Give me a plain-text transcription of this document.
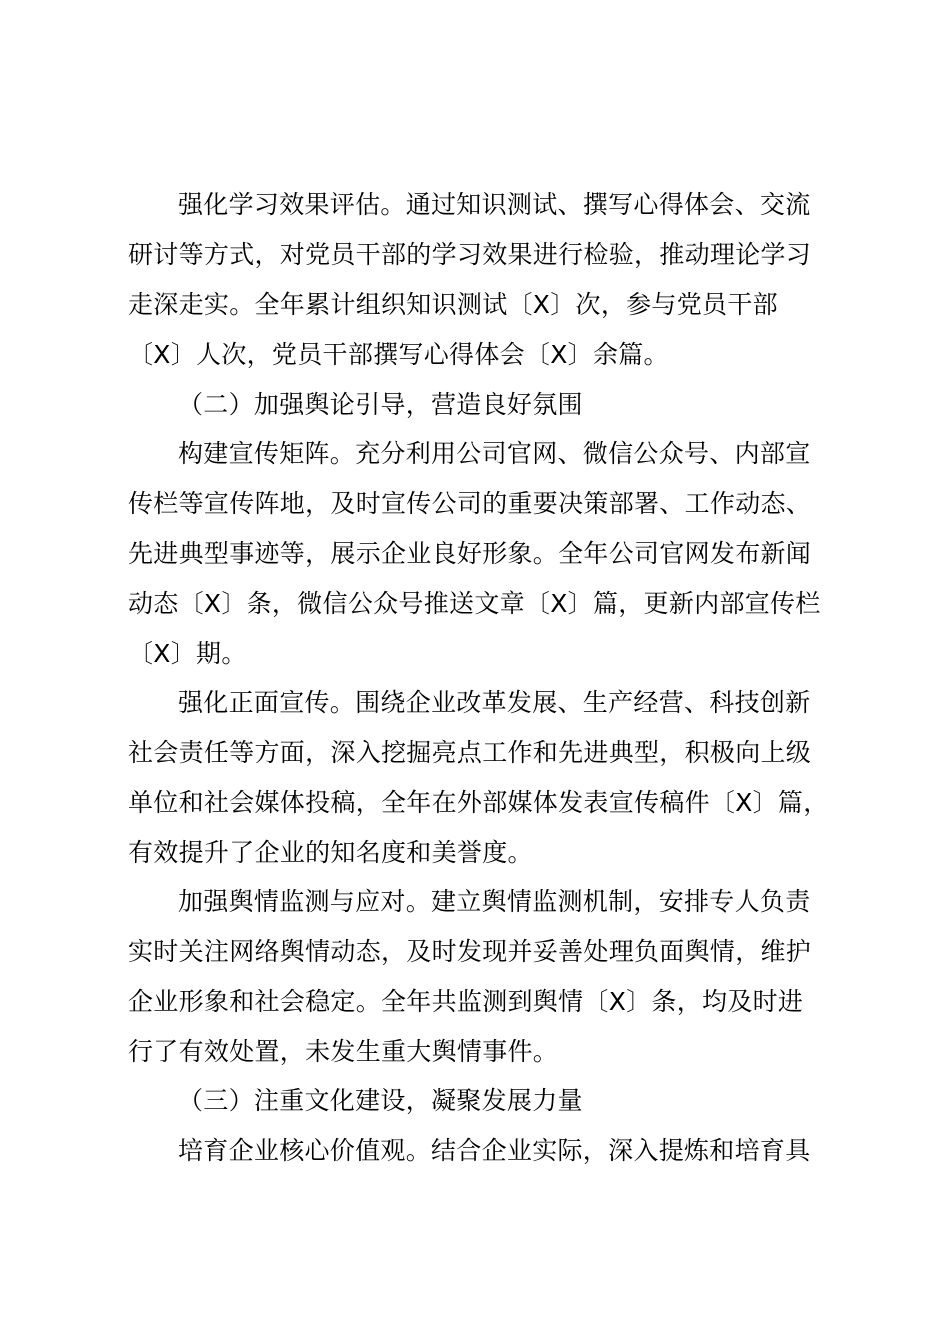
强化学习效果评估。通过知识测试、撰写心得体会、交流
研讨等方式，对党员干部的学习效果进行检验，推动理论学习
走深走实。全年累计组织知识测试〔X〕次，参与党员干部
〔X〕人次，党员干部撰写心得体会〔X〕余篇。
（二）加强舆论引导，营造良好氛围
构建宣传矩阵。充分利用公司官网、微信公众号、内部宣
传栏等宣传阵地，及时宣传公司的重要决策部署、工作动态、
先进典型事迹等，展示企业良好形象。全年公司官网发布新闻
动态〔X〕条，微信公众号推送文章〔X〕篇，更新内部宣传栏
〔X〕期。
强化正面宣传。围绕企业改革发展、生产经营、科技创新
社会责任等方面，深入挖掘亮点工作和先进典型，积极向上级
单位和社会媒体投稿，全年在外部媒体发表宣传稿件〔X〕篇，
有效提升了企业的知名度和美誉度。
加强舆情监测与应对。建立舆情监测机制，安排专人负责
实时关注网络舆情动态，及时发现并妥善处理负面舆情，维护
企业形象和社会稳定。全年共监测到舆情〔X〕条，均及时进
行了有效处置，未发生重大舆情事件。
（三）注重文化建设，凝聚发展力量
培育企业核心价值观。结合企业实际，深入提炼和培育具
